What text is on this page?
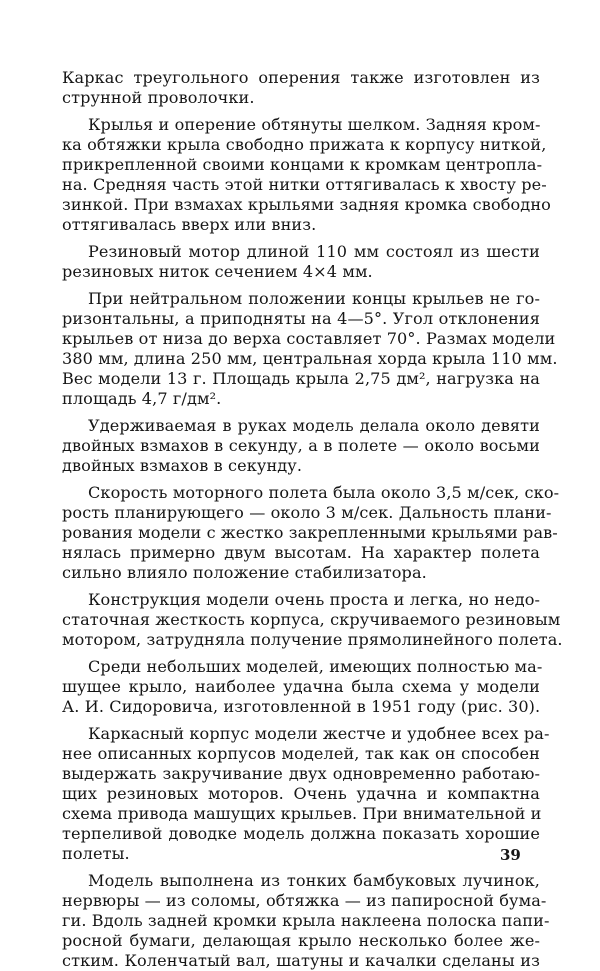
Каркас треугольного оперения также изготовлен из
струнной проволочки.
Крылья и оперение обтянуты шелком. Задняя кром-
ка обтяжки крыла свободно прижата к корпусу ниткой,
прикрепленной своими концами к кромкам центропла-
на. Средняя часть этой нитки оттягивалась к хвосту ре-
зинкой. При взмахах крыльями задняя кромка свободно
оттягивалась вверх или вниз.
Резиновый мотор длиной 110 мм состоял из шести
резиновых ниток сечением 4×4 мм.
При нейтральном положении концы крыльев не го-
ризонтальны, а приподняты на 4—5°. Угол отклонения
крыльев от низа до верха составляет 70°. Размах модели
380 мм, длина 250 мм, центральная хорда крыла 110 мм.
Вес модели 13 г. Площадь крыла 2,75 дм², нагрузка на
площадь 4,7 г/дм².
Удерживаемая в руках модель делала около девяти
двойных взмахов в секунду, а в полете — около восьми
двойных взмахов в секунду.
Скорость моторного полета была около 3,5 м/сек, ско-
рость планирующего — около 3 м/сек. Дальность плани-
рования модели с жестко закрепленными крыльями рав-
нялась примерно двум высотам. На характер полета
сильно влияло положение стабилизатора.
Конструкция модели очень проста и легка, но недо-
статочная жесткость корпуса, скручиваемого резиновым
мотором, затрудняла получение прямолинейного полета.
Среди небольших моделей, имеющих полностью ма-
шущее крыло, наиболее удачна была схема у модели
А. И. Сидоровича, изготовленной в 1951 году (рис. 30).
Каркасный корпус модели жестче и удобнее всех ра-
нее описанных корпусов моделей, так как он способен
выдержать закручивание двух одновременно работаю-
щих резиновых моторов. Очень удачна и компактна
схема привода машущих крыльев. При внимательной и
терпеливой доводке модель должна показать хорошие
полеты.
Модель выполнена из тонких бамбуковых лучинок,
нервюры — из соломы, обтяжка — из папиросной бума-
ги. Вдоль задней кромки крыла наклеена полоска папи-
росной бумаги, делающая крыло несколько более же-
стким. Коленчатый вал, шатуны и качалки сделаны из
39
